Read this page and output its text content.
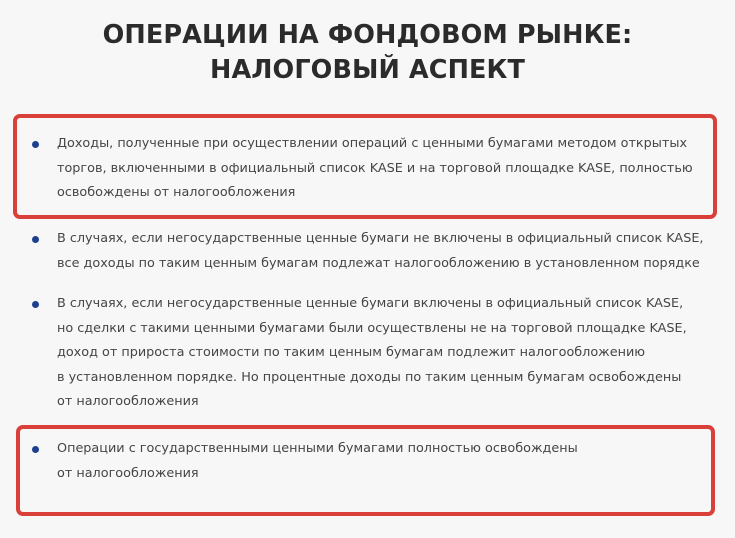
ОПЕРАЦИИ НА ФОНДОВОМ РЫНКЕ:
НАЛОГОВЫЙ АСПЕКТ
Доходы, полученные при осуществлении операций с ценными бумагами методом открытых
торгов, включенными в официальный список KASE и на торговой площадке KASE, полностью
освобождены от налогообложения
В случаях, если негосударственные ценные бумаги не включены в официальный список KASE,
все доходы по таким ценным бумагам подлежат налогообложению в установленном порядке
В случаях, если негосударственные ценные бумаги включены в официальный список KASE,
но сделки с такими ценными бумагами были осуществлены не на торговой площадке KASE,
доход от прироста стоимости по таким ценным бумагам подлежит налогообложению
в установленном порядке. Но процентные доходы по таким ценным бумагам освобождены
от налогообложения
Операции с государственными ценными бумагами полностью освобождены
от налогообложения
